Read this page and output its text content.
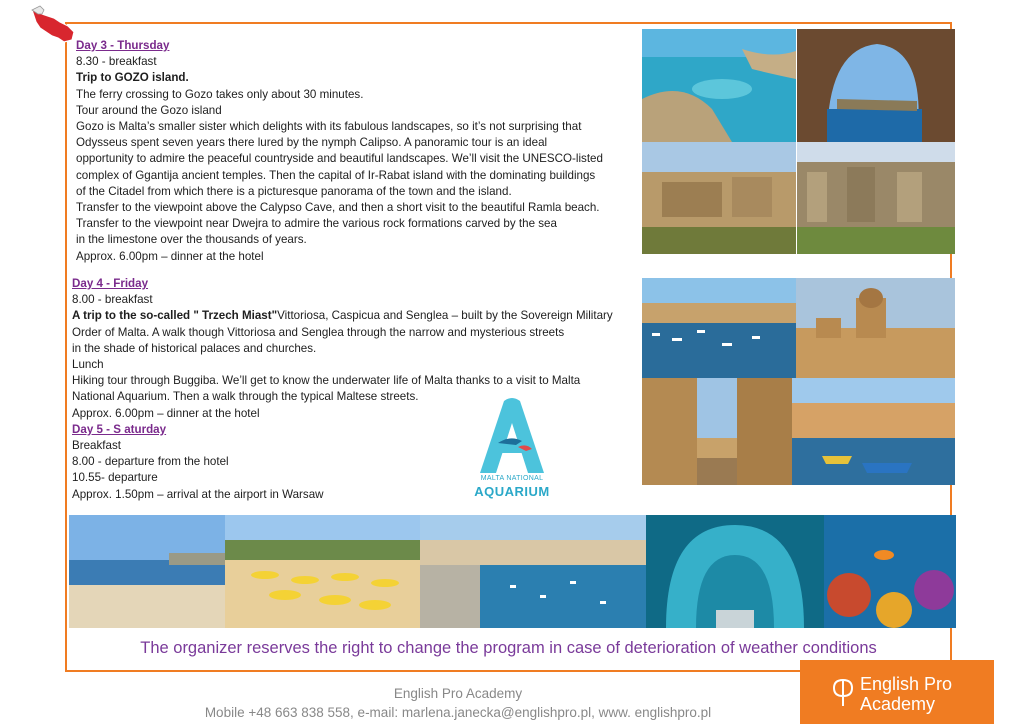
Day 3 - Thursday
8.30 - breakfast
Trip to GOZO island.
The ferry crossing to Gozo takes only about 30 minutes.
Tour around the Gozo island
Gozo is Malta’s smaller sister which delights with its fabulous landscapes, so it’s not surprising that
Odysseus spent seven years there lured by the nymph Calipso. A panoramic tour is an ideal
opportunity to admire the peaceful countryside and beautiful landscapes. We’ll visit the UNESCO-listed
complex of Ggantija ancient temples. Then the capital of Ir-Rabat island with the dominating buildings
of the Citadel from which there is a picturesque panorama of the town and the island.
Transfer to the viewpoint above the Calypso Cave, and then a short visit to the beautiful Ramla beach.
Transfer to the viewpoint near Dwejra to admire the various rock formations carved by the sea
in the limestone over the thousands of years.
Approx. 6.00pm – dinner at the hotel
Day 4 - Friday
8.00 - breakfast
A trip to the so-called " Trzech Miast"Vittoriosa, Caspicua and Senglea – built by the Sovereign Military
Order of Malta. A walk though Vittoriosa and Senglea through the narrow and mysterious streets
in the shade of historical palaces and churches.
Lunch
Hiking tour through Buggiba. We’ll get to know the underwater life of Malta thanks to a visit to Malta
National Aquarium. Then a walk through the typical Maltese streets.
Approx. 6.00pm – dinner at the hotel
Day 5 - S aturday
Breakfast
8.00 - departure from the hotel
10.55- departure
Approx. 1.50pm – arrival at the airport in Warsaw
MALTA NATIONAL
AQUARIUM
The organizer reserves the right to change the program in case of deterioration of weather conditions
English Pro Academy
Mobile +48 663 838 558, e-mail: marlena.janecka@englishpro.pl, www. englishpro.pl
English Pro
Academy
